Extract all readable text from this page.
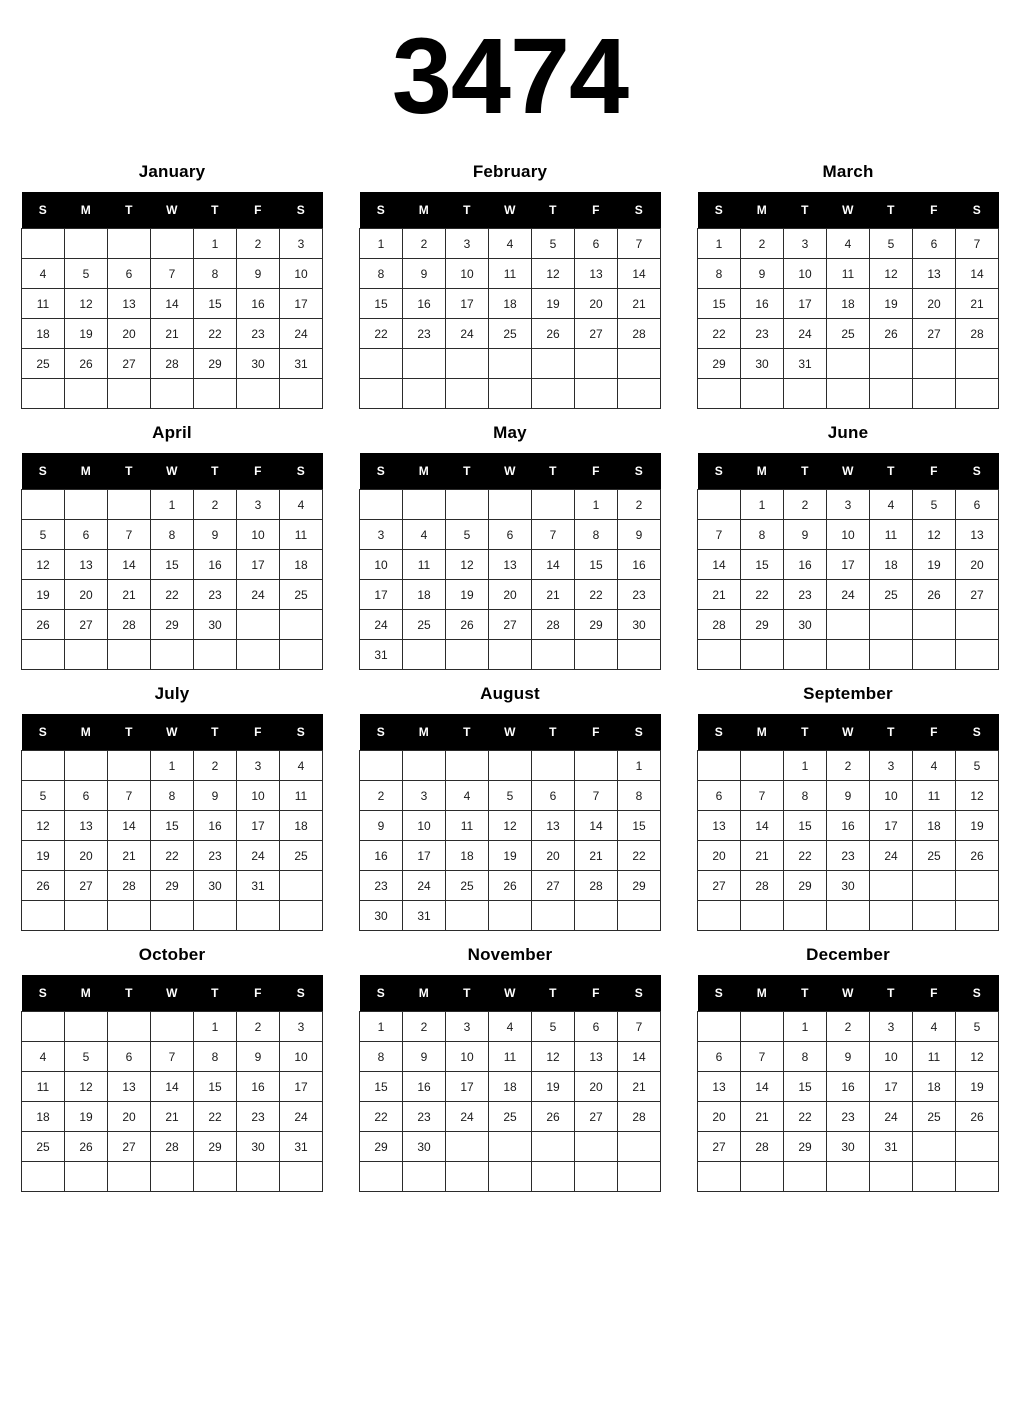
3474
January
S	M	T	W	T	F	S
				1	2	3
4	5	6	7	8	9	10
11	12	13	14	15	16	17
18	19	20	21	22	23	24
25	26	27	28	29	30	31

February
S	M	T	W	T	F	S
1	2	3	4	5	6	7
8	9	10	11	12	13	14
15	16	17	18	19	20	21
22	23	24	25	26	27	28

March
S	M	T	W	T	F	S
1	2	3	4	5	6	7
8	9	10	11	12	13	14
15	16	17	18	19	20	21
22	23	24	25	26	27	28
29	30	31				

April
S	M	T	W	T	F	S
			1	2	3	4
5	6	7	8	9	10	11
12	13	14	15	16	17	18
19	20	21	22	23	24	25
26	27	28	29	30		

May
S	M	T	W	T	F	S
					1	2
3	4	5	6	7	8	9
10	11	12	13	14	15	16
17	18	19	20	21	22	23
24	25	26	27	28	29	30
31						
June
S	M	T	W	T	F	S
	1	2	3	4	5	6
7	8	9	10	11	12	13
14	15	16	17	18	19	20
21	22	23	24	25	26	27
28	29	30				

July
S	M	T	W	T	F	S
			1	2	3	4
5	6	7	8	9	10	11
12	13	14	15	16	17	18
19	20	21	22	23	24	25
26	27	28	29	30	31	

August
S	M	T	W	T	F	S
						1
2	3	4	5	6	7	8
9	10	11	12	13	14	15
16	17	18	19	20	21	22
23	24	25	26	27	28	29
30	31					
September
S	M	T	W	T	F	S
		1	2	3	4	5
6	7	8	9	10	11	12
13	14	15	16	17	18	19
20	21	22	23	24	25	26
27	28	29	30			

October
S	M	T	W	T	F	S
				1	2	3
4	5	6	7	8	9	10
11	12	13	14	15	16	17
18	19	20	21	22	23	24
25	26	27	28	29	30	31

November
S	M	T	W	T	F	S
1	2	3	4	5	6	7
8	9	10	11	12	13	14
15	16	17	18	19	20	21
22	23	24	25	26	27	28
29	30					

December
S	M	T	W	T	F	S
		1	2	3	4	5
6	7	8	9	10	11	12
13	14	15	16	17	18	19
20	21	22	23	24	25	26
27	28	29	30	31		
